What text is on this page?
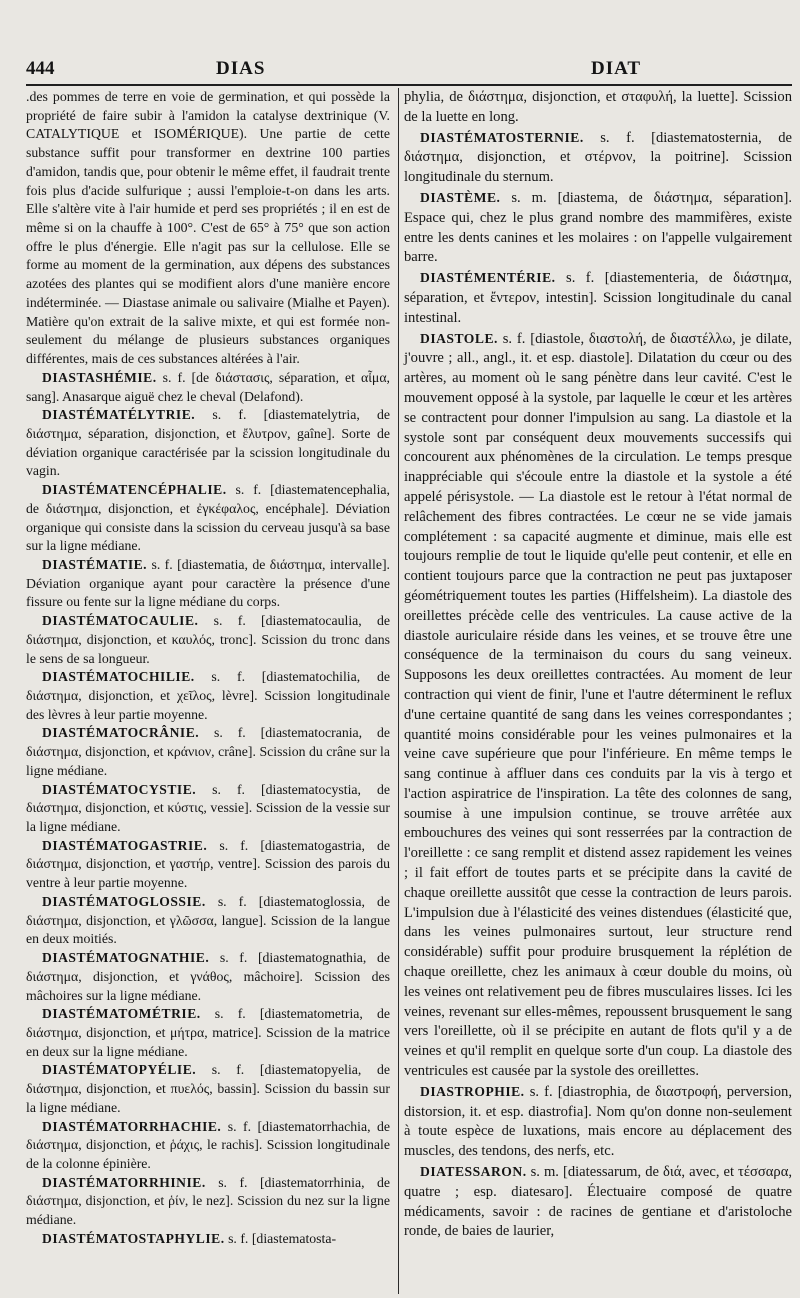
444	DIAS	DIAT

.des pommes de terre en voie de germination, et qui possède la propriété de faire subir à l'amidon la catalyse dextrinique (V. CATALYTIQUE et ISOMÉRIQUE). Une partie de cette substance suffit pour transformer en dextrine 100 parties d'amidon, tandis que, pour obtenir le même effet, il faudrait trente fois plus d'acide sulfurique ; aussi l'emploie-t-on dans les arts. Elle s'altère vite à l'air humide et perd ses propriétés ; il en est de même si on la chauffe à 100°. C'est de 65° à 75° que son action offre le plus d'énergie. Elle n'agit pas sur la cellulose. Elle se forme au moment de la germination, aux dépens des substances azotées des plantes qui se modifient alors d'une manière encore indéterminée. — Diastase animale ou salivaire (Mialhe et Payen). Matière qu'on extrait de la salive mixte, et qui est formée non-seulement du mélange de plusieurs substances organiques différentes, mais de ces substances altérées à l'air.

DIASTASHÉMIE. s. f. [de διάστασις, séparation, et αἷμα, sang]. Anasarque aiguë chez le cheval (Delafond).

DIASTÉMATÉLYTRIE. s. f. [diastematelytria, de διάστημα, séparation, disjonction, et ἔλυτρον, gaîne]. Sorte de déviation organique caractérisée par la scission longitudinale du vagin.

DIASTÉMATENCÉPHALIE. s. f. [diastematencephalia, de διάστημα, disjonction, et ἐγκέφαλος, encéphale]. Déviation organique qui consiste dans la scission du cerveau jusqu'à sa base sur la ligne médiane.

DIASTÉMATIE. s. f. [diastematia, de διάστημα, intervalle]. Déviation organique ayant pour caractère la présence d'une fissure ou fente sur la ligne médiane du corps.

DIASTÉMATOCAULIE. s. f. [diastematocaulia, de διάστημα, disjonction, et καυλός, tronc]. Scission du tronc dans le sens de sa longueur.

DIASTÉMATOCHILIE. s. f. [diastematochilia, de διάστημα, disjonction, et χεῖλος, lèvre]. Scission longitudinale des lèvres à leur partie moyenne.

DIASTÉMATOCRÂNIE. s. f. [diastematocrania, de διάστημα, disjonction, et κράνιον, crâne]. Scission du crâne sur la ligne médiane.

DIASTÉMATOCYSTIE. s. f. [diastematocystia, de διάστημα, disjonction, et κύστις, vessie]. Scission de la vessie sur la ligne médiane.

DIASTÉMATOGASTRIE. s. f. [diastematogastria, de διάστημα, disjonction, et γαστήρ, ventre]. Scission des parois du ventre à leur partie moyenne.

DIASTÉMATOGLOSSIE. s. f. [diastematoglossia, de διάστημα, disjonction, et γλῶσσα, langue]. Scission de la langue en deux moitiés.

DIASTÉMATOGNATHIE. s. f. [diastematognathia, de διάστημα, disjonction, et γνάθος, mâchoire]. Scission des mâchoires sur la ligne médiane.

DIASTÉMATOMÉTRIE. s. f. [diastematometria, de διάστημα, disjonction, et μήτρα, matrice]. Scission de la matrice en deux sur la ligne médiane.

DIASTÉMATOPYÉLIE. s. f. [diastematopyelia, de διάστημα, disjonction, et πυελός, bassin]. Scission du bassin sur la ligne médiane.

DIASTÉMATORRHACHIE. s. f. [diastematorrhachia, de διάστημα, disjonction, et ῥάχις, le rachis]. Scission longitudinale de la colonne épinière.

DIASTÉMATORRHINIE. s. f. [diastematorrhinia, de διάστημα, disjonction, et ῥίν, le nez]. Scission du nez sur la ligne médiane.

DIASTÉMATOSTAPHYLIE. s. f. [diastematosta-

phylia, de διάστημα, disjonction, et σταφυλή, la luette]. Scission de la luette en long.

DIASTÉMATOSTERNIE. s. f. [diastematosternia, de διάστημα, disjonction, et στέρνον, la poitrine]. Scission longitudinale du sternum.

DIASTÈME. s. m. [diastema, de διάστημα, séparation]. Espace qui, chez le plus grand nombre des mammifères, existe entre les dents canines et les molaires : on l'appelle vulgairement barre.

DIASTÉMENTÉRIE. s. f. [diastementeria, de διάστημα, séparation, et ἔντερον, intestin]. Scission longitudinale du canal intestinal.

DIASTOLE. s. f. [diastole, διαστολή, de διαστέλλω, je dilate, j'ouvre ; all., angl., it. et esp. diastole]. Dilatation du cœur ou des artères, au moment où le sang pénètre dans leur cavité. C'est le mouvement opposé à la systole, par laquelle le cœur et les artères se contractent pour donner l'impulsion au sang. La diastole et la systole sont par conséquent deux mouvements successifs qui concourent aux phénomènes de la circulation. Le temps presque inappréciable qui s'écoule entre la diastole et la systole a été appelé périsystole. — La diastole est le retour à l'état normal de relâchement des fibres contractées. Le cœur ne se vide jamais complétement : sa capacité augmente et diminue, mais elle est toujours remplie de tout le liquide qu'elle peut contenir, et elle en contient toujours parce que la contraction ne peut pas juxtaposer géométriquement toutes les parties (Hiffelsheim). La diastole des oreillettes précède celle des ventricules. La cause active de la diastole auriculaire réside dans les veines, et se trouve être une conséquence de la terminaison du cours du sang veineux. Supposons les deux oreillettes contractées. Au moment de leur contraction qui vient de finir, l'une et l'autre déterminent le reflux d'une certaine quantité de sang dans les veines correspondantes ; quantité moins considérable pour les veines pulmonaires et la veine cave supérieure que pour l'inférieure. En même temps le sang continue à affluer dans ces conduits par la vis à tergo et l'action aspiratrice de l'inspiration. La tête des colonnes de sang, soumise à une impulsion continue, se trouve arrêtée aux embouchures des veines qui sont resserrées par la contraction de l'oreillette : ce sang remplit et distend assez rapidement les veines ; il fait effort de toutes parts et se précipite dans la cavité de chaque oreillette aussitôt que cesse la contraction de leurs parois. L'impulsion due à l'élasticité des veines distendues (élasticité que, dans les veines pulmonaires surtout, leur structure rend considérable) suffit pour produire brusquement la réplétion de chaque oreillette, chez les animaux à cœur double du moins, où les veines ont relativement peu de fibres musculaires lisses. Ici les veines, revenant sur elles-mêmes, repoussent brusquement le sang vers l'oreillette, où il se précipite en autant de flots qu'il y a de veines et qu'il remplit en quelque sorte d'un coup. La diastole des ventricules est causée par la systole des oreillettes.

DIASTROPHIE. s. f. [diastrophia, de διαστροφή, perversion, distorsion, it. et esp. diastrofia]. Nom qu'on donne non-seulement à toute espèce de luxations, mais encore au déplacement des muscles, des tendons, des nerfs, etc.

DIATESSARON. s. m. [diatessarum, de διά, avec, et τέσσαρα, quatre ; esp. diatesaro]. Électuaire composé de quatre médicaments, savoir : de racines de gentiane et d'aristoloche ronde, de baies de laurier,
